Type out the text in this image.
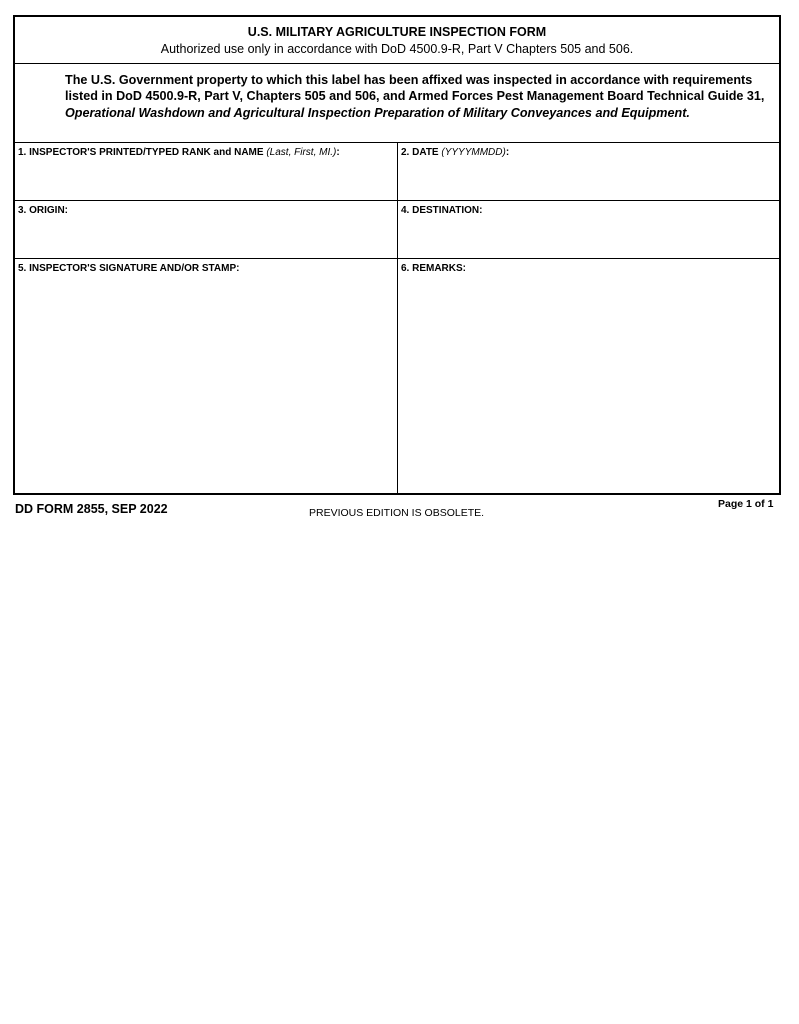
U.S. MILITARY AGRICULTURE INSPECTION FORM
Authorized use only in accordance with DoD 4500.9-R, Part V Chapters 505 and 506.

The U.S. Government property to which this label has been affixed was inspected in accordance with requirements listed in DoD 4500.9-R, Part V, Chapters 505 and 506, and Armed Forces Pest Management Board Technical Guide 31, Operational Washdown and Agricultural Inspection Preparation of Military Conveyances and Equipment.

1. INSPECTOR'S PRINTED/TYPED RANK and NAME (Last, First, MI.):	2. DATE (YYYYMMDD):
3. ORIGIN:	4. DESTINATION:
5. INSPECTOR'S SIGNATURE AND/OR STAMP:	6. REMARKS:
DD FORM 2855, SEP 2022	PREVIOUS EDITION IS OBSOLETE.
Page 1 of 1
